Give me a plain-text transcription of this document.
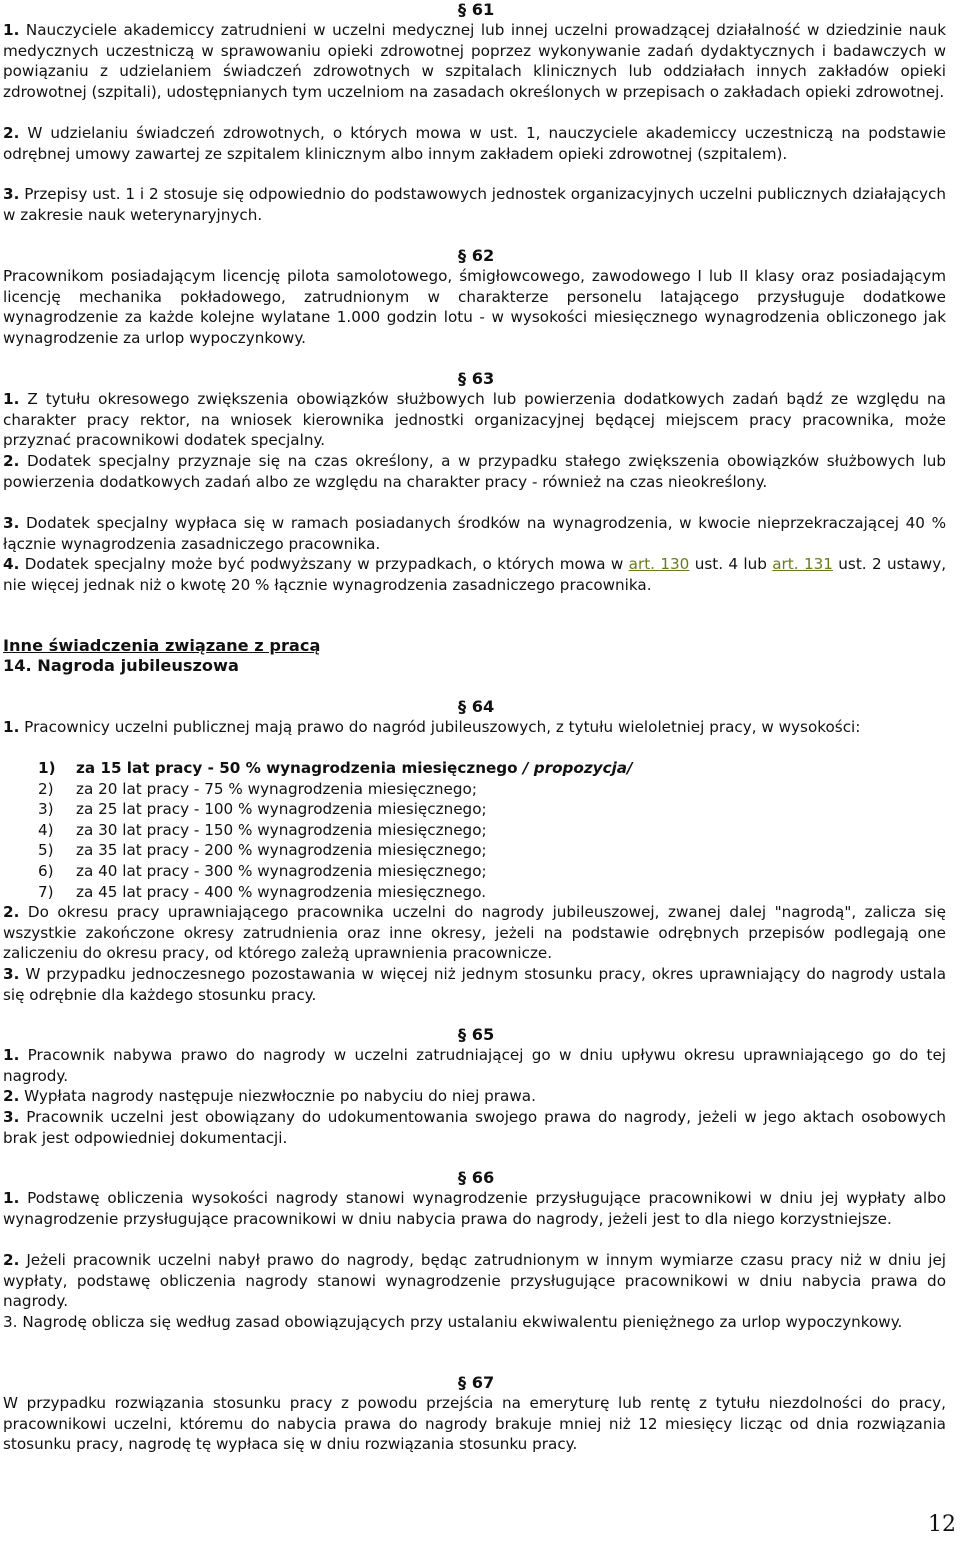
§ 61

1. Nauczyciele akademiccy zatrudnieni w uczelni medycznej lub innej uczelni prowadzącej działalność w dziedzinie nauk medycznych uczestniczą w sprawowaniu opieki zdrowotnej poprzez wykonywanie zadań dydaktycznych i badawczych w powiązaniu z udzielaniem świadczeń zdrowotnych w szpitalach klinicznych lub oddziałach innych zakładów opieki zdrowotnej (szpitali), udostępnianych tym uczelniom na zasadach określonych w przepisach o zakładach opieki zdrowotnej.

2. W udzielaniu świadczeń zdrowotnych, o których mowa w ust. 1, nauczyciele akademiccy uczestniczą na podstawie odrębnej umowy zawartej ze szpitalem klinicznym albo innym zakładem opieki zdrowotnej (szpitalem).

3. Przepisy ust. 1 i 2 stosuje się odpowiednio do podstawowych jednostek organizacyjnych uczelni publicznych działających w zakresie nauk weterynaryjnych.

§ 62

Pracownikom posiadającym licencję pilota samolotowego, śmigłowcowego, zawodowego I lub II klasy oraz posiadającym licencję mechanika pokładowego, zatrudnionym w charakterze personelu latającego przysługuje dodatkowe wynagrodzenie za każde kolejne wylatane 1.000 godzin lotu - w wysokości miesięcznego wynagrodzenia obliczonego jak wynagrodzenie za urlop wypoczynkowy.

§ 63

1. Z tytułu okresowego zwiększenia obowiązków służbowych lub powierzenia dodatkowych zadań bądź ze względu na charakter pracy rektor, na wniosek kierownika jednostki organizacyjnej będącej miejscem pracy pracownika, może przyznać pracownikowi dodatek specjalny.

2. Dodatek specjalny przyznaje się na czas określony, a w przypadku stałego zwiększenia obowiązków służbowych lub powierzenia dodatkowych zadań albo ze względu na charakter pracy - również na czas nieokreślony.

3. Dodatek specjalny wypłaca się w ramach posiadanych środków na wynagrodzenia, w kwocie nieprzekraczającej 40 % łącznie wynagrodzenia zasadniczego pracownika.

4. Dodatek specjalny może być podwyższany w przypadkach, o których mowa w art. 130 ust. 4 lub art. 131 ust. 2 ustawy, nie więcej jednak niż o kwotę 20 % łącznie wynagrodzenia zasadniczego pracownika.

Inne świadczenia związane z pracą
14. Nagroda jubileuszowa
§ 64

1. Pracownicy uczelni publicznej mają prawo do nagród jubileuszowych, z tytułu wieloletniej pracy, w wysokości:

1) za 15 lat pracy - 50 % wynagrodzenia miesięcznego / propozycja/
2) za 20 lat pracy - 75 % wynagrodzenia miesięcznego;
3) za 25 lat pracy - 100 % wynagrodzenia miesięcznego;
4) za 30 lat pracy - 150 % wynagrodzenia miesięcznego;
5) za 35 lat pracy - 200 % wynagrodzenia miesięcznego;
6) za 40 lat pracy - 300 % wynagrodzenia miesięcznego;
7) za 45 lat pracy - 400 % wynagrodzenia miesięcznego.

2. Do okresu pracy uprawniającego pracownika uczelni do nagrody jubileuszowej, zwanej dalej "nagrodą", zalicza się wszystkie zakończone okresy zatrudnienia oraz inne okresy, jeżeli na podstawie odrębnych przepisów podlegają one zaliczeniu do okresu pracy, od którego zależą uprawnienia pracownicze.

3. W przypadku jednoczesnego pozostawania w więcej niż jednym stosunku pracy, okres uprawniający do nagrody ustala się odrębnie dla każdego stosunku pracy.

§ 65

1. Pracownik nabywa prawo do nagrody w uczelni zatrudniającej go w dniu upływu okresu uprawniającego go do tej nagrody.

2. Wypłata nagrody następuje niezwłocznie po nabyciu do niej prawa.

3. Pracownik uczelni jest obowiązany do udokumentowania swojego prawa do nagrody, jeżeli w jego aktach osobowych brak jest odpowiedniej dokumentacji.

§ 66

1. Podstawę obliczenia wysokości nagrody stanowi wynagrodzenie przysługujące pracownikowi w dniu jej wypłaty albo wynagrodzenie przysługujące pracownikowi w dniu nabycia prawa do nagrody, jeżeli jest to dla niego korzystniejsze.

2. Jeżeli pracownik uczelni nabył prawo do nagrody, będąc zatrudnionym w innym wymiarze czasu pracy niż w dniu jej wypłaty, podstawę obliczenia nagrody stanowi wynagrodzenie przysługujące pracownikowi w dniu nabycia prawa do nagrody.

3. Nagrodę oblicza się według zasad obowiązujących przy ustalaniu ekwiwalentu pieniężnego za urlop wypoczynkowy.

§ 67

W przypadku rozwiązania stosunku pracy z powodu przejścia na emeryturę lub rentę z tytułu niezdolności do pracy, pracownikowi uczelni, któremu do nabycia prawa do nagrody brakuje mniej niż 12 miesięcy licząc od dnia rozwiązania stosunku pracy, nagrodę tę wypłaca się w dniu rozwiązania stosunku pracy.

12
